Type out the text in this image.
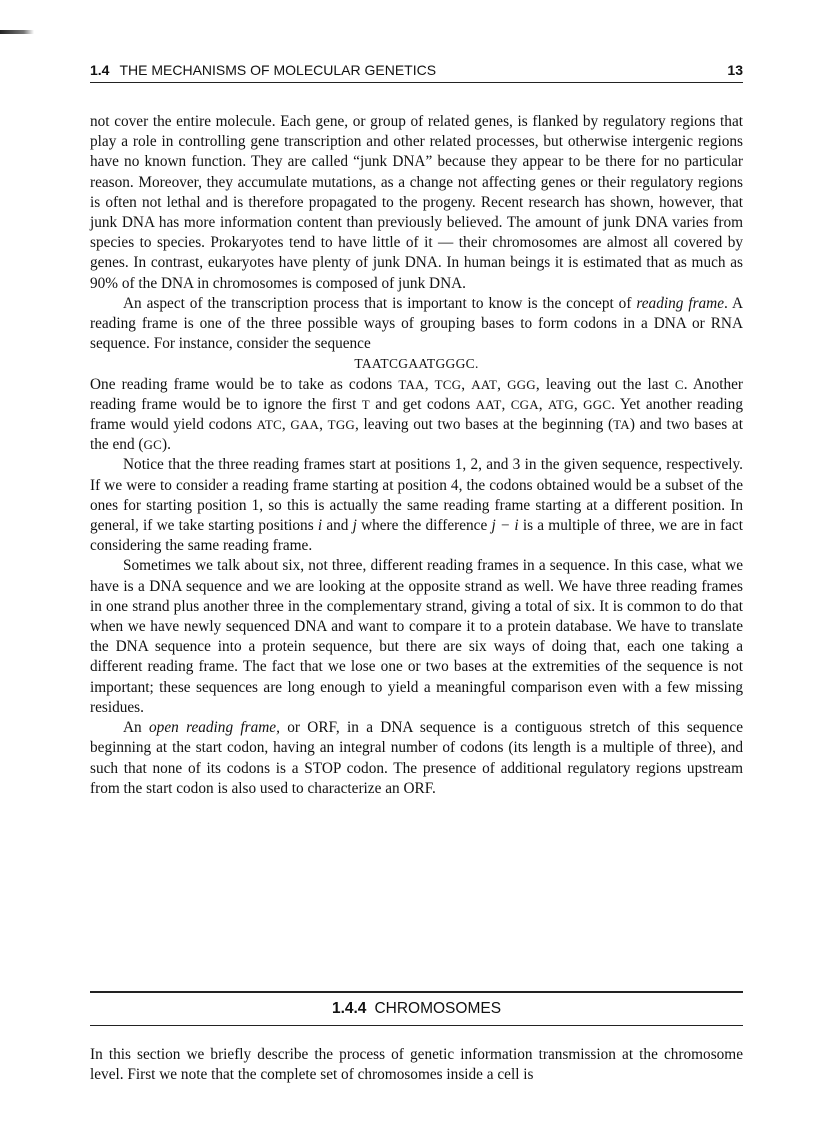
1.4 THE MECHANISMS OF MOLECULAR GENETICS	13

not cover the entire molecule. Each gene, or group of related genes, is flanked by regulatory regions that play a role in controlling gene transcription and other related processes, but otherwise intergenic regions have no known function. They are called “junk DNA” because they appear to be there for no particular reason. Moreover, they accumulate mutations, as a change not affecting genes or their regulatory regions is often not lethal and is therefore propagated to the progeny. Recent research has shown, however, that junk DNA has more information content than previously believed. The amount of junk DNA varies from species to species. Prokaryotes tend to have little of it — their chromosomes are almost all covered by genes. In contrast, eukaryotes have plenty of junk DNA. In human beings it is estimated that as much as 90% of the DNA in chromosomes is composed of junk DNA.

An aspect of the transcription process that is important to know is the concept of reading frame. A reading frame is one of the three possible ways of grouping bases to form codons in a DNA or RNA sequence. For instance, consider the sequence

TAATCGAATGGGC.

One reading frame would be to take as codons TAA, TCG, AAT, GGG, leaving out the last C. Another reading frame would be to ignore the first T and get codons AAT, CGA, ATG, GGC. Yet another reading frame would yield codons ATC, GAA, TGG, leaving out two bases at the beginning (TA) and two bases at the end (GC).

Notice that the three reading frames start at positions 1, 2, and 3 in the given sequence, respectively. If we were to consider a reading frame starting at position 4, the codons obtained would be a subset of the ones for starting position 1, so this is actually the same reading frame starting at a different position. In general, if we take starting positions i and j where the difference j − i is a multiple of three, we are in fact considering the same reading frame.

Sometimes we talk about six, not three, different reading frames in a sequence. In this case, what we have is a DNA sequence and we are looking at the opposite strand as well. We have three reading frames in one strand plus another three in the complementary strand, giving a total of six. It is common to do that when we have newly sequenced DNA and want to compare it to a protein database. We have to translate the DNA sequence into a protein sequence, but there are six ways of doing that, each one taking a different reading frame. The fact that we lose one or two bases at the extremities of the sequence is not important; these sequences are long enough to yield a meaningful comparison even with a few missing residues.

An open reading frame, or ORF, in a DNA sequence is a contiguous stretch of this sequence beginning at the start codon, having an integral number of codons (its length is a multiple of three), and such that none of its codons is a STOP codon. The presence of additional regulatory regions upstream from the start codon is also used to characterize an ORF.

1.4.4 CHROMOSOMES

In this section we briefly describe the process of genetic information transmission at the chromosome level. First we note that the complete set of chromosomes inside a cell is
